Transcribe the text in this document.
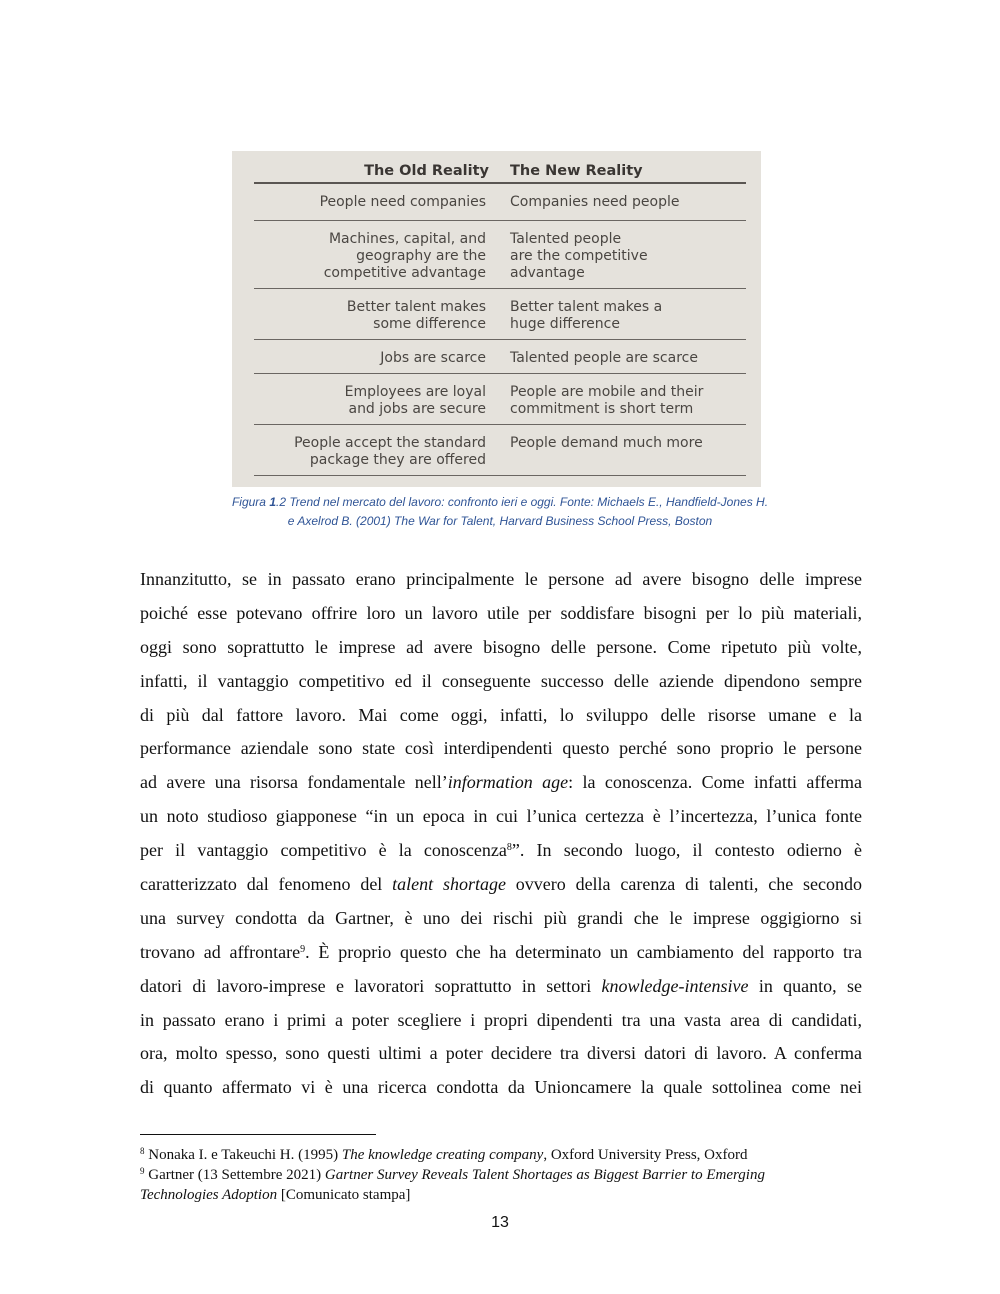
The Old Reality The New Reality
People need companies Companies need people
Machines, capital, and
geography are the
competitive advantage
Talented people
are the competitive
advantage
Better talent makes
some difference
Better talent makes a
huge difference
Jobs are scarce Talented people are scarce
Employees are loyal
and jobs are secure
People are mobile and their
commitment is short term
People accept the standard
package they are offered
People demand much more
Figura 1.2 Trend nel mercato del lavoro: confronto ieri e oggi. Fonte: Michaels E., Handfield-Jones H.
e Axelrod B. (2001) The War for Talent, Harvard Business School Press, Boston
Innanzitutto, se in passato erano principalmente le persone ad avere bisogno delle imprese
poiché esse potevano offrire loro un lavoro utile per soddisfare bisogni per lo più materiali,
oggi sono soprattutto le imprese ad avere bisogno delle persone. Come ripetuto più volte,
infatti, il vantaggio competitivo ed il conseguente successo delle aziende dipendono sempre
di più dal fattore lavoro. Mai come oggi, infatti, lo sviluppo delle risorse umane e la
performance aziendale sono state così interdipendenti questo perché sono proprio le persone
ad avere una risorsa fondamentale nell’information age: la conoscenza. Come infatti afferma
un noto studioso giapponese “in un epoca in cui l’unica certezza è l’incertezza, l’unica fonte
per il vantaggio competitivo è la conoscenza$^8$”. In secondo luogo, il contesto odierno è
caratterizzato dal fenomeno del talent shortage ovvero della carenza di talenti, che secondo
una survey condotta da Gartner, è uno dei rischi più grandi che le imprese oggigiorno si
trovano ad affrontare$^9$. È proprio questo che ha determinato un cambiamento del rapporto tra
datori di lavoro-imprese e lavoratori soprattutto in settori knowledge-intensive in quanto, se
in passato erano i primi a poter scegliere i propri dipendenti tra una vasta area di candidati,
ora, molto spesso, sono questi ultimi a poter decidere tra diversi datori di lavoro. A conferma
di quanto affermato vi è una ricerca condotta da Unioncamere la quale sottolinea come nei
$^8$ Nonaka I. e Takeuchi H. (1995) The knowledge creating company, Oxford University Press, Oxford
$^9$ Gartner (13 Settembre 2021) Gartner Survey Reveals Talent Shortages as Biggest Barrier to Emerging
Technologies Adoption [Comunicato stampa]
13
